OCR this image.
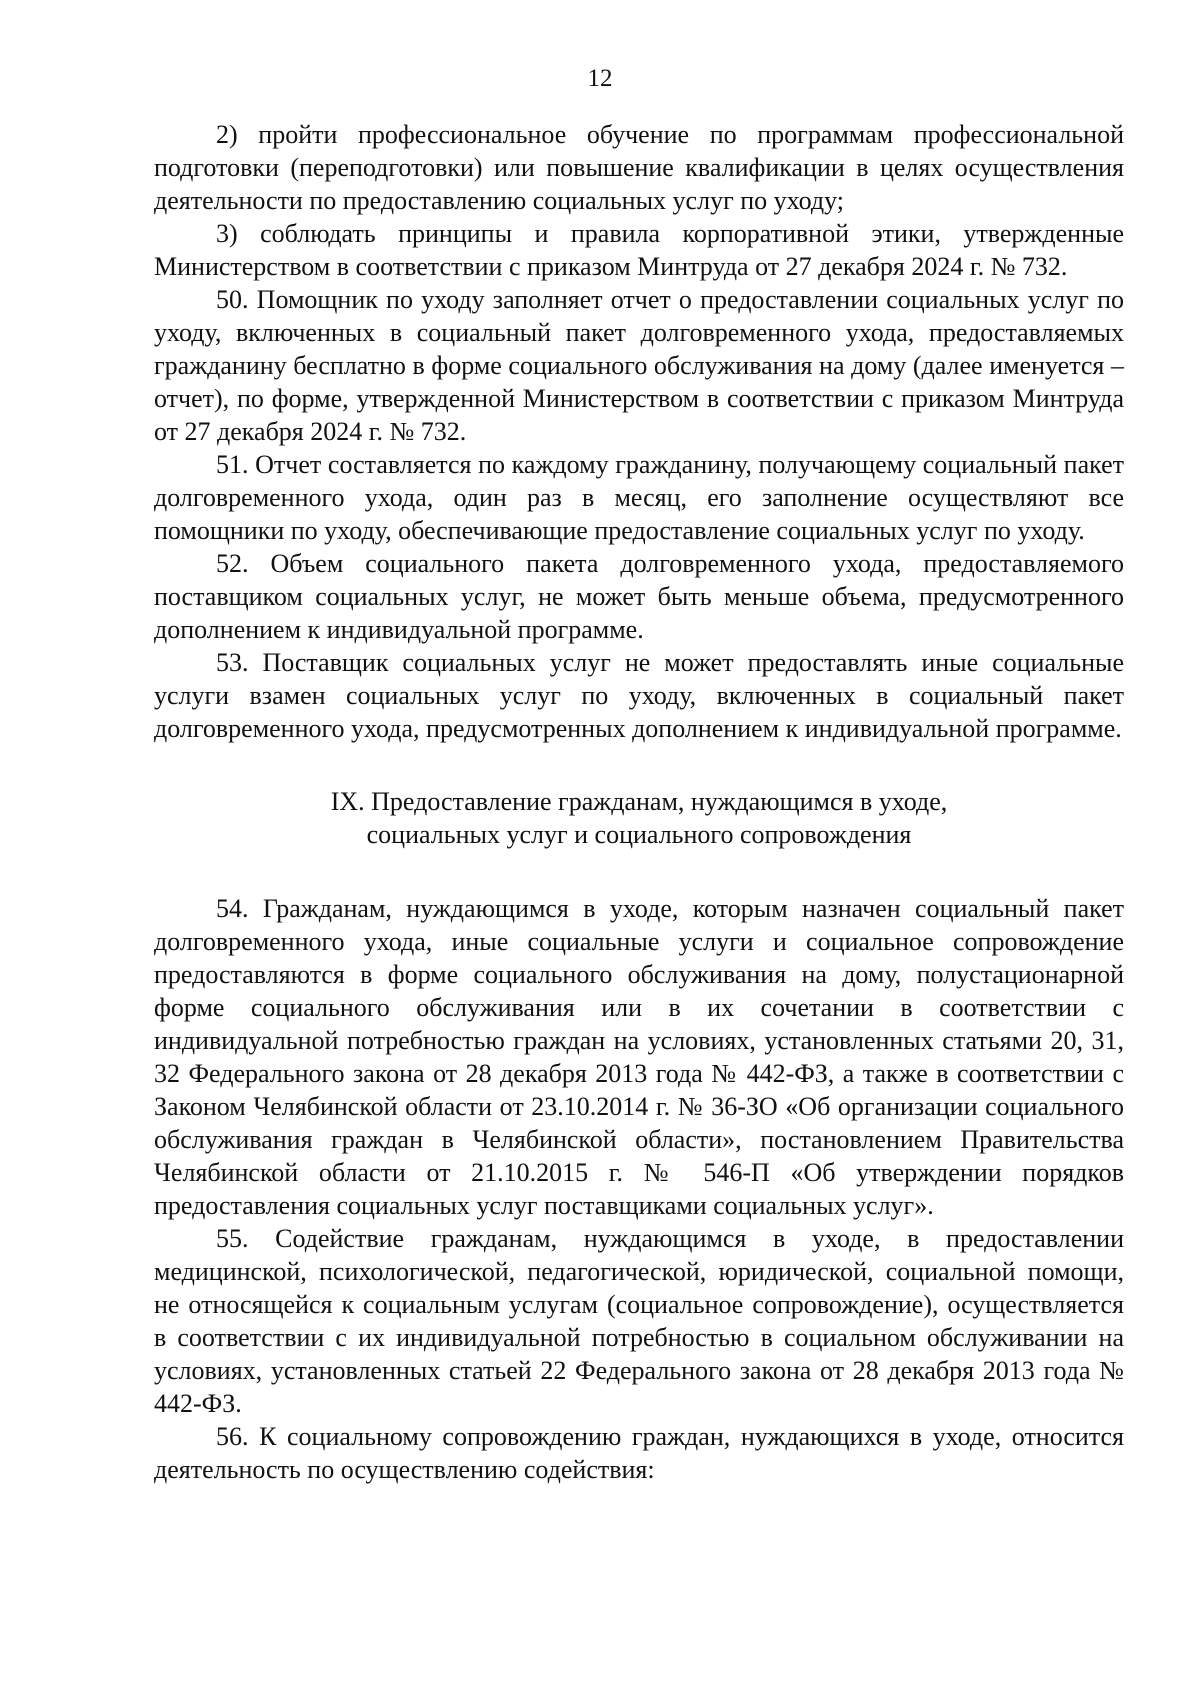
12

2) пройти профессиональное обучение по программам профессиональной подготовки (переподготовки) или повышение квалификации в целях осуществления деятельности по предоставлению социальных услуг по уходу;

3) соблюдать принципы и правила корпоративной этики, утвержденные Министерством в соответствии с приказом Минтруда от 27 декабря 2024 г. № 732.

50. Помощник по уходу заполняет отчет о предоставлении социальных услуг по уходу, включенных в социальный пакет долговременного ухода, предоставляемых гражданину бесплатно в форме социального обслуживания на дому (далее именуется – отчет), по форме, утвержденной Министерством в соответствии с приказом Минтруда от 27 декабря 2024 г. № 732.

51. Отчет составляется по каждому гражданину, получающему социальный пакет долговременного ухода, один раз в месяц, его заполнение осуществляют все помощники по уходу, обеспечивающие предоставление социальных услуг по уходу.

52. Объем социального пакета долговременного ухода, предоставляемого поставщиком социальных услуг, не может быть меньше объема, предусмотренного дополнением к индивидуальной программе.

53. Поставщик социальных услуг не может предоставлять иные социальные услуги взамен социальных услуг по уходу, включенных в социальный пакет долговременного ухода, предусмотренных дополнением к индивидуальной программе.

IX. Предоставление гражданам, нуждающимся в уходе,
социальных услуг и социального сопровождения

54. Гражданам, нуждающимся в уходе, которым назначен социальный пакет долговременного ухода, иные социальные услуги и социальное сопровождение предоставляются в форме социального обслуживания на дому, полустационарной форме социального обслуживания или в их сочетании в соответствии с индивидуальной потребностью граждан на условиях, установленных статьями 20, 31, 32 Федерального закона от 28 декабря 2013 года № 442-ФЗ, а также в соответствии с Законом Челябинской области от 23.10.2014 г. № 36-ЗО «Об организации социального обслуживания граждан в Челябинской области», постановлением Правительства Челябинской области от 21.10.2015 г. № 546-П «Об утверждении порядков предоставления социальных услуг поставщиками социальных услуг».

55. Содействие гражданам, нуждающимся в уходе, в предоставлении медицинской, психологической, педагогической, юридической, социальной помощи, не относящейся к социальным услугам (социальное сопровождение), осуществляется в соответствии с их индивидуальной потребностью в социальном обслуживании на условиях, установленных статьей 22 Федерального закона от 28 декабря 2013 года № 442-ФЗ.

56. К социальному сопровождению граждан, нуждающихся в уходе, относится деятельность по осуществлению содействия:
